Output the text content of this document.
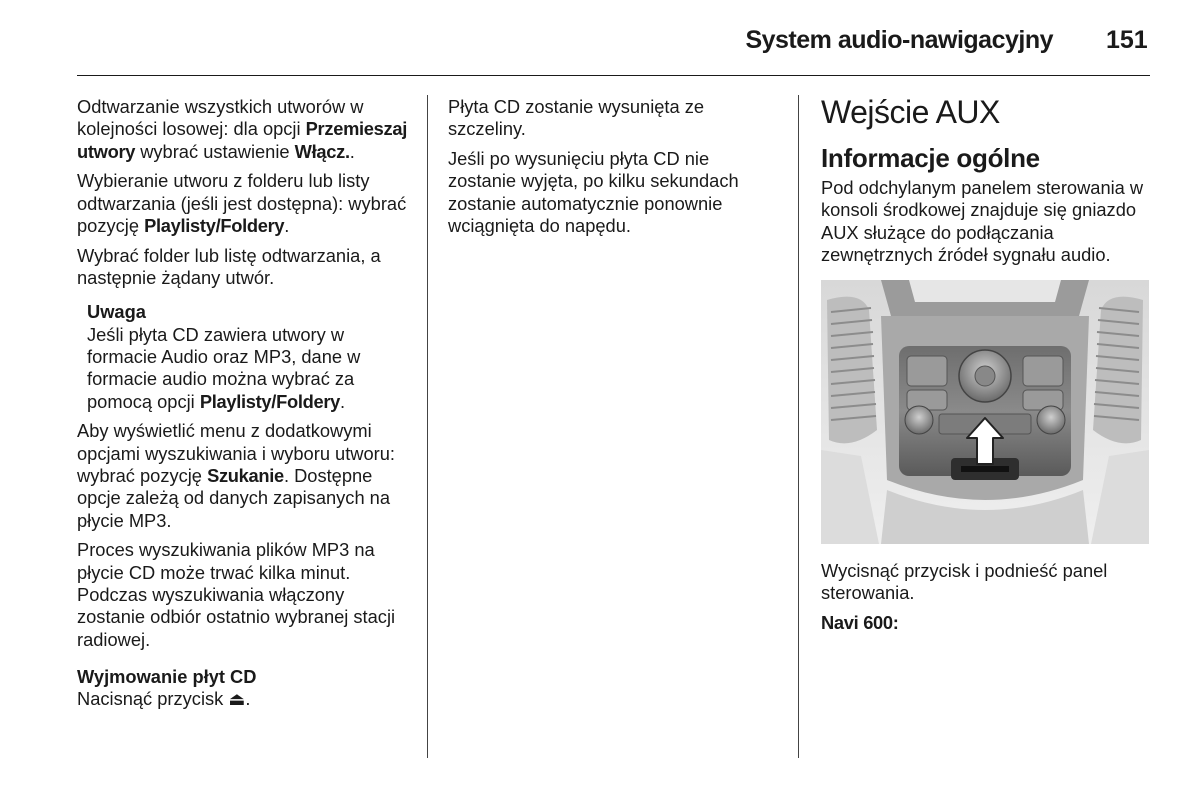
System audio-nawigacyjny 151

Odtwarzanie wszystkich utworów w kolejności losowej: dla opcji Przemieszaj utwory wybrać ustawienie Włącz..

Wybieranie utworu z folderu lub listy odtwarzania (jeśli jest dostępna): wybrać pozycję Playlisty/Foldery.

Wybrać folder lub listę odtwarzania, a następnie żądany utwór.

Uwaga
Jeśli płyta CD zawiera utwory w formacie Audio oraz MP3, dane w formacie audio można wybrać za pomocą opcji Playlisty/Foldery.

Aby wyświetlić menu z dodatkowymi opcjami wyszukiwania i wyboru utworu: wybrać pozycję Szukanie. Dostępne opcje zależą od danych zapisanych na płycie MP3.

Proces wyszukiwania plików MP3 na płycie CD może trwać kilka minut. Podczas wyszukiwania włączony zostanie odbiór ostatnio wybranej stacji radiowej.

Wyjmowanie płyt CD
Nacisnąć przycisk ⏏.

Płyta CD zostanie wysunięta ze szczeliny.

Jeśli po wysunięciu płyta CD nie zostanie wyjęta, po kilku sekundach zostanie automatycznie ponownie wciągnięta do napędu.

Wejście AUX
Informacje ogólne

Pod odchylanym panelem sterowania w konsoli środkowej znajduje się gniazdo AUX służące do podłączania zewnętrznych źródeł sygnału audio.

Wycisnąć przycisk i podnieść panel sterowania.

Navi 600:
